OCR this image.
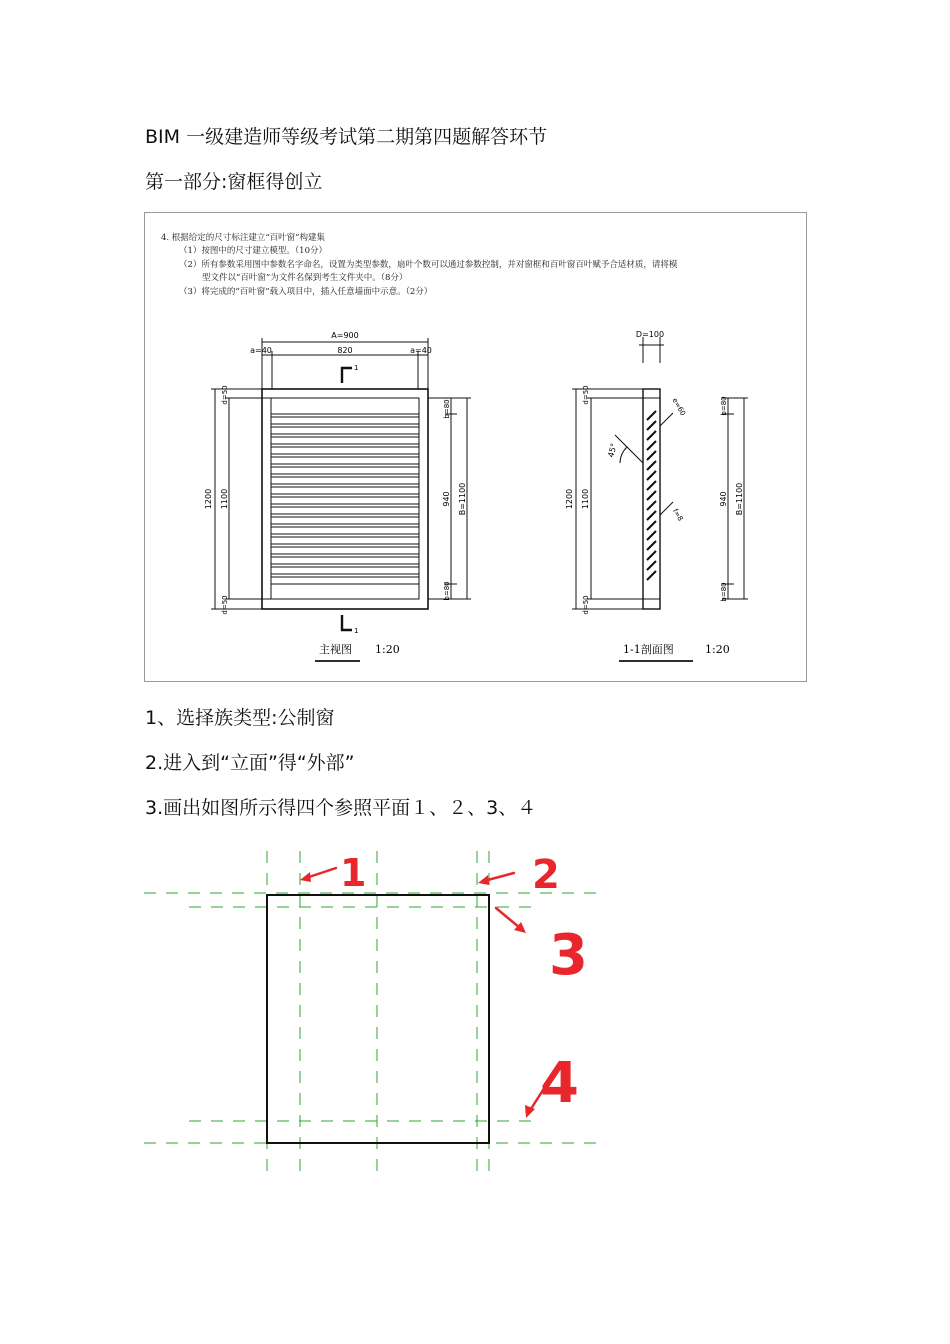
BIM 一级建造师等级考试第二期第四题解答环节
第一部分:窗框得创立
4. 根据给定的尺寸标注建立“百叶窗”构建集
（1）按图中的尺寸建立模型。（10分）
（2）所有参数采用图中参数名字命名，设置为类型参数，扇叶个数可以通过参数控制，并对窗框和百叶窗百叶赋予合适材质，请将模
型文件以“百叶窗”为文件名保到考生文件夹中。（8分）
（3）将完成的“百叶窗”载入项目中，插入任意墙面中示意。（2分）
A=900
a=40	820	a=40
1200 1100
d=50
d=50
b=80
b=80
940 B=1100
1
1
主视图 1:20
D=100
1200 1100
d=50
d=50
e=60
45°
f=8
b=80
b=80
940 B=1100
1-1剖面图	1:20
1、选择族类型:公制窗
2.进入到“立面”得“外部”
3.画出如图所示得四个参照平面１、２、3、４
1	2
3
4
